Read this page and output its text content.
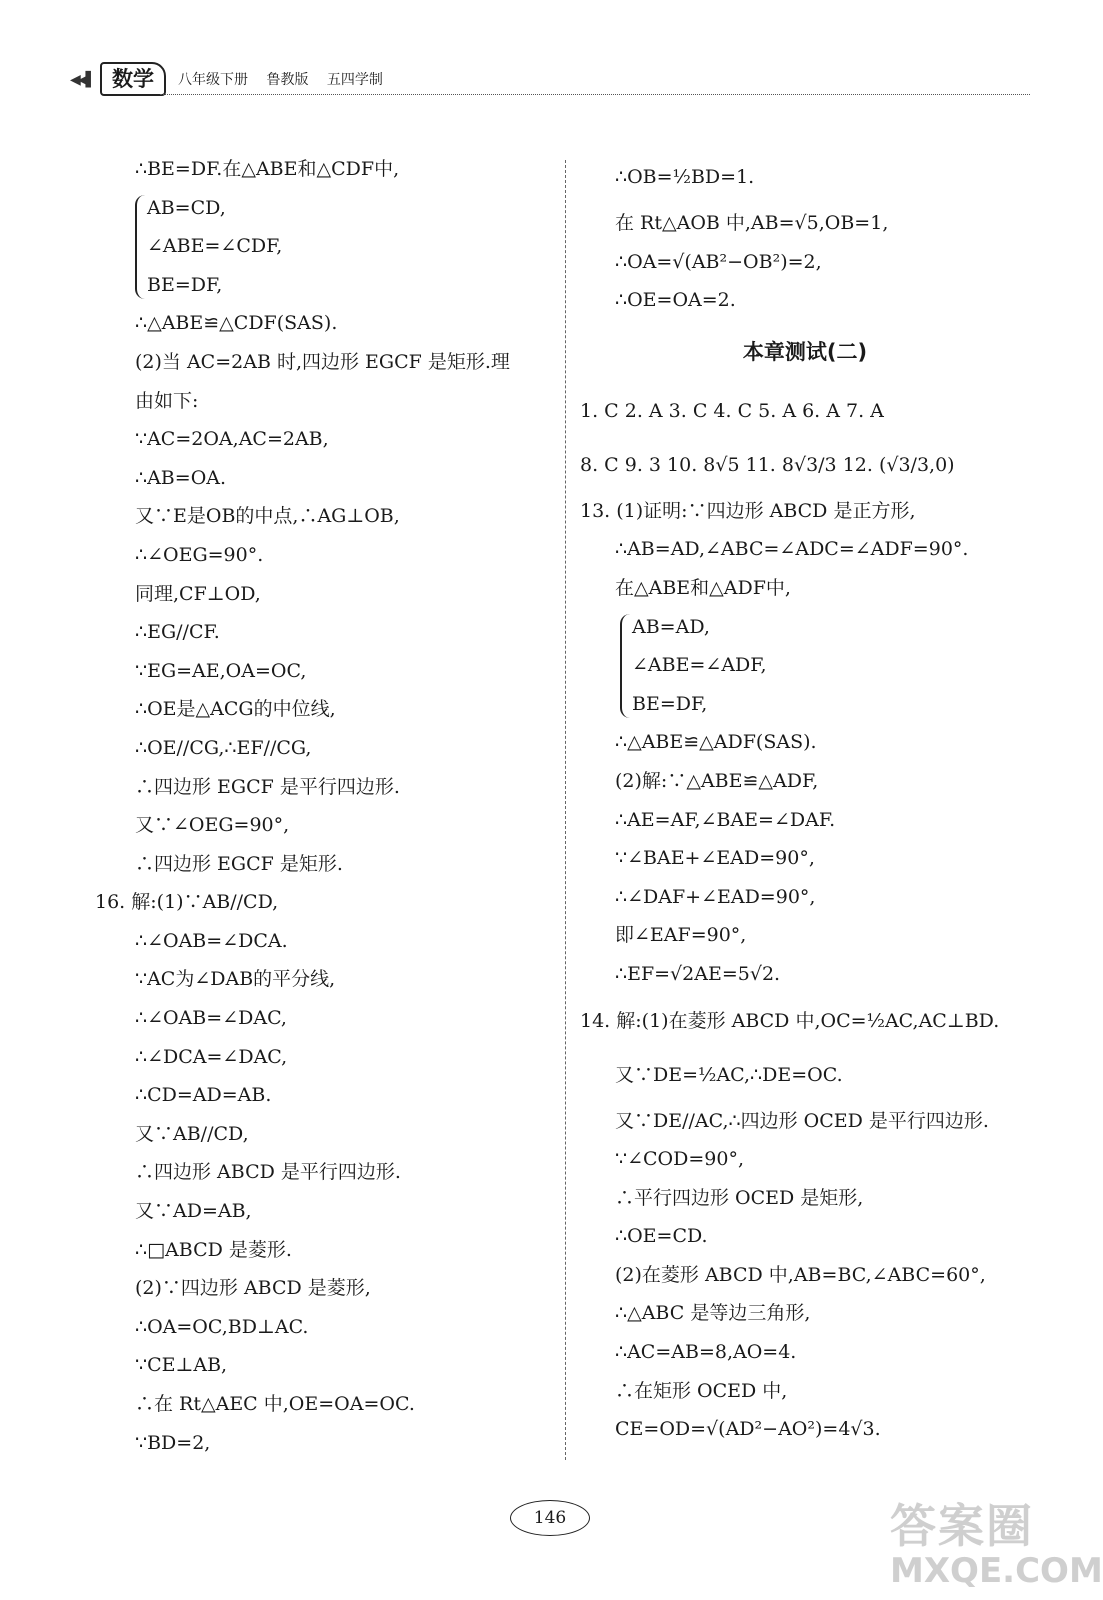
◀◀▌ 数学	八年级下册 鲁教版 五四学制
∴BE=DF.在△ABE和△CDF中,
AB=CD,
∠ABE=∠CDF,
BE=DF,
∴△ABE≌△CDF(SAS).
(2)当 AC=2AB 时,四边形 EGCF 是矩形.理
由如下:
∵AC=2OA,AC=2AB,
∴AB=OA.
又∵E是OB的中点,∴AG⊥OB,
∴∠OEG=90°.
同理,CF⊥OD,
∴EG//CF.
∵EG=AE,OA=OC,
∴OE是△ACG的中位线,
∴OE//CG,∴EF//CG,
∴四边形 EGCF 是平行四边形.
又∵∠OEG=90°,
∴四边形 EGCF 是矩形.
16. 解:(1)∵AB//CD,
∴∠OAB=∠DCA.
∵AC为∠DAB的平分线,
∴∠OAB=∠DAC,
∴∠DCA=∠DAC,
∴CD=AD=AB.
又∵AB//CD,
∴四边形 ABCD 是平行四边形.
又∵AD=AB,
∴□ABCD 是菱形.
(2)∵四边形 ABCD 是菱形,
∴OA=OC,BD⊥AC.
∵CE⊥AB,
∴在 Rt△AEC 中,OE=OA=OC.
∵BD=2,
∴OB=½BD=1.
在 Rt△AOB 中,AB=√5,OB=1,
∴OA=√(AB²−OB²)=2,
∴OE=OA=2.
本章测试(二)
1. C 2. A 3. C 4. C 5. A 6. A 7. A
8. C 9. 3 10. 8√5 11. 8√3/3 12. (√3/3,0)
13. (1)证明:∵四边形 ABCD 是正方形,
∴AB=AD,∠ABC=∠ADC=∠ADF=90°.
在△ABE和△ADF中,
AB=AD,
∠ABE=∠ADF,
BE=DF,
∴△ABE≌△ADF(SAS).
(2)解:∵△ABE≌△ADF,
∴AE=AF,∠BAE=∠DAF.
∵∠BAE+∠EAD=90°,
∴∠DAF+∠EAD=90°,
即∠EAF=90°,
∴EF=√2AE=5√2.
14. 解:(1)在菱形 ABCD 中,OC=½AC,AC⊥BD.
又∵DE=½AC,∴DE=OC.
又∵DE//AC,∴四边形 OCED 是平行四边形.
∵∠COD=90°,
∴平行四边形 OCED 是矩形,
∴OE=CD.
(2)在菱形 ABCD 中,AB=BC,∠ABC=60°,
∴△ABC 是等边三角形,
∴AC=AB=8,AO=4.
∴在矩形 OCED 中,
CE=OD=√(AD²−AO²)=4√3.
146	答案圈
MXQE.COM
